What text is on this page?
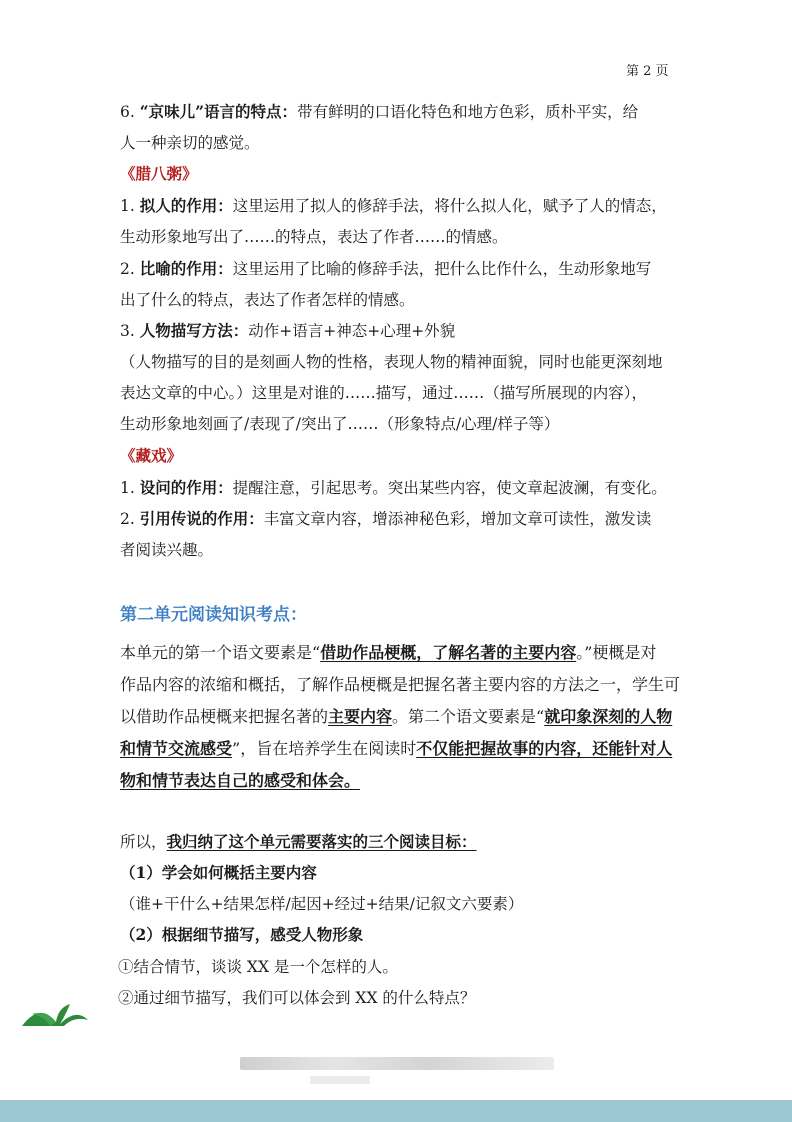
第 2 页
6. “京味儿”语言的特点：带有鲜明的口语化特色和地方色彩，质朴平实，给
人一种亲切的感觉。
《腊八粥》
1. 拟人的作用：这里运用了拟人的修辞手法，将什么拟人化，赋予了人的情态，
生动形象地写出了……的特点，表达了作者……的情感。
2. 比喻的作用：这里运用了比喻的修辞手法，把什么比作什么，生动形象地写
出了什么的特点，表达了作者怎样的情感。
3. 人物描写方法：动作+语言+神态+心理+外貌
（人物描写的目的是刻画人物的性格，表现人物的精神面貌，同时也能更深刻地
表达文章的中心。）这里是对谁的……描写，通过……（描写所展现的内容），
生动形象地刻画了/表现了/突出了……（形象特点/心理/样子等）
《藏戏》
1. 设问的作用：提醒注意，引起思考。突出某些内容，使文章起波澜，有变化。
2. 引用传说的作用：丰富文章内容，增添神秘色彩，增加文章可读性，激发读
者阅读兴趣。
第二单元阅读知识考点：
本单元的第一个语文要素是“借助作品梗概，了解名著的主要内容。”梗概是对
作品内容的浓缩和概括，了解作品梗概是把握名著主要内容的方法之一，学生可
以借助作品梗概来把握名著的主要内容。第二个语文要素是“就印象深刻的人物
和情节交流感受”，旨在培养学生在阅读时不仅能把握故事的内容，还能针对人
物和情节表达自己的感受和体会。
所以，我归纳了这个单元需要落实的三个阅读目标：
（1）学会如何概括主要内容
（谁+干什么+结果怎样/起因+经过+结果/记叙文六要素）
（2）根据细节描写，感受人物形象
①结合情节，谈谈 XX 是一个怎样的人。
②通过细节描写，我们可以体会到 XX 的什么特点？
